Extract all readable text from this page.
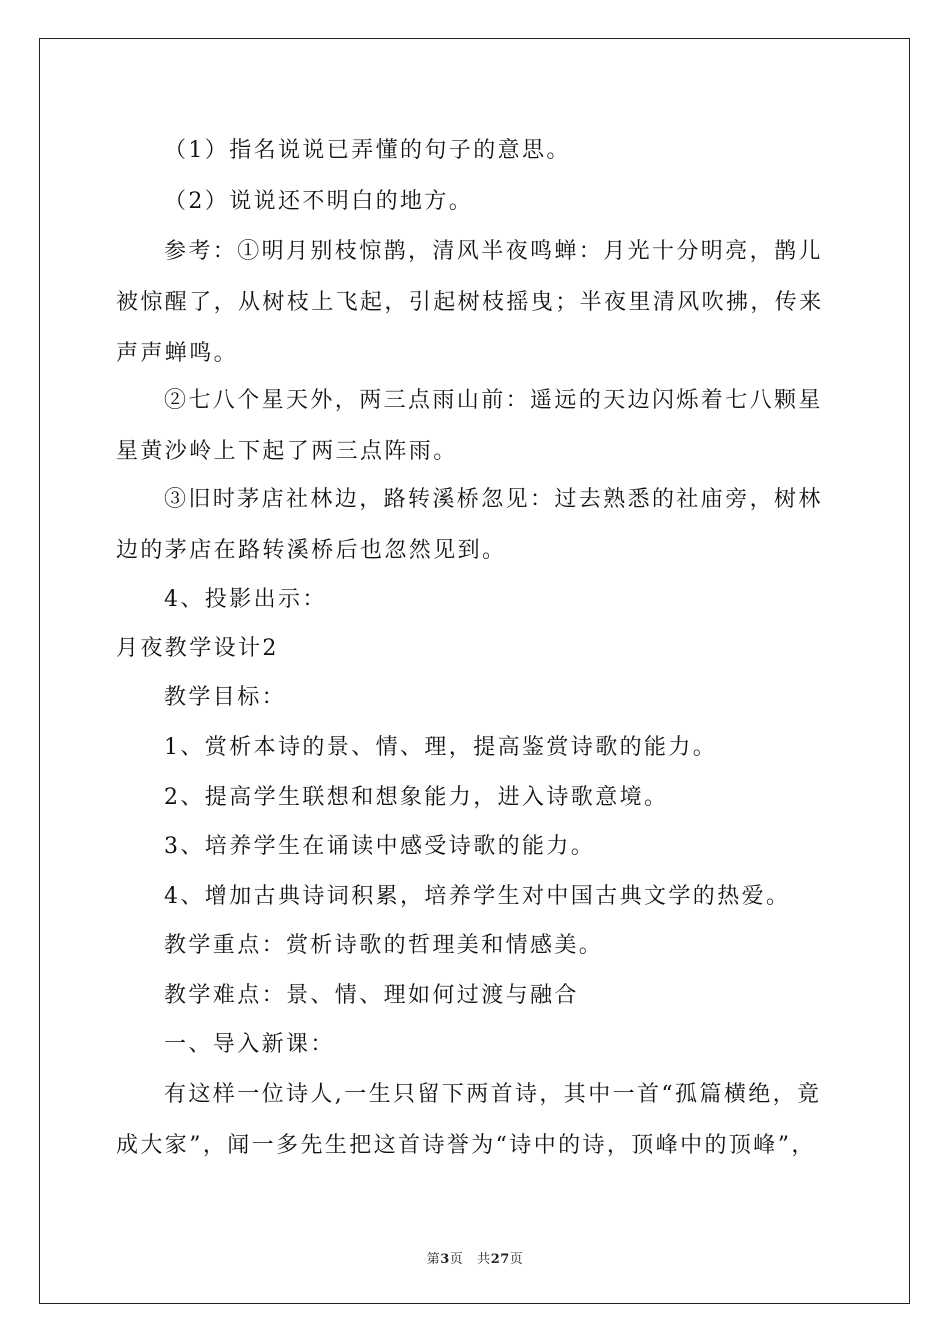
（1）指名说说已弄懂的句子的意思。

（2）说说还不明白的地方。

参考：①明月别枝惊鹊，清风半夜鸣蝉：月光十分明亮，鹊儿被惊醒了，从树枝上飞起，引起树枝摇曳；半夜里清风吹拂，传来声声蝉鸣。

②七八个星天外，两三点雨山前：遥远的天边闪烁着七八颗星星黄沙岭上下起了两三点阵雨。

③旧时茅店社林边，路转溪桥忽见：过去熟悉的社庙旁，树林边的茅店在路转溪桥后也忽然见到。

4、投影出示：

月夜教学设计2

教学目标：

1、赏析本诗的景、情、理，提高鉴赏诗歌的能力。

2、提高学生联想和想象能力，进入诗歌意境。

3、培养学生在诵读中感受诗歌的能力。

4、增加古典诗词积累，培养学生对中国古典文学的热爱。

教学重点：赏析诗歌的哲理美和情感美。

教学难点：景、情、理如何过渡与融合

一、导入新课：

有这样一位诗人,一生只留下两首诗，其中一首“孤篇横绝，竟成大家”，闻一多先生把这首诗誉为“诗中的诗，顶峰中的顶峰”，

第3页 共27页
